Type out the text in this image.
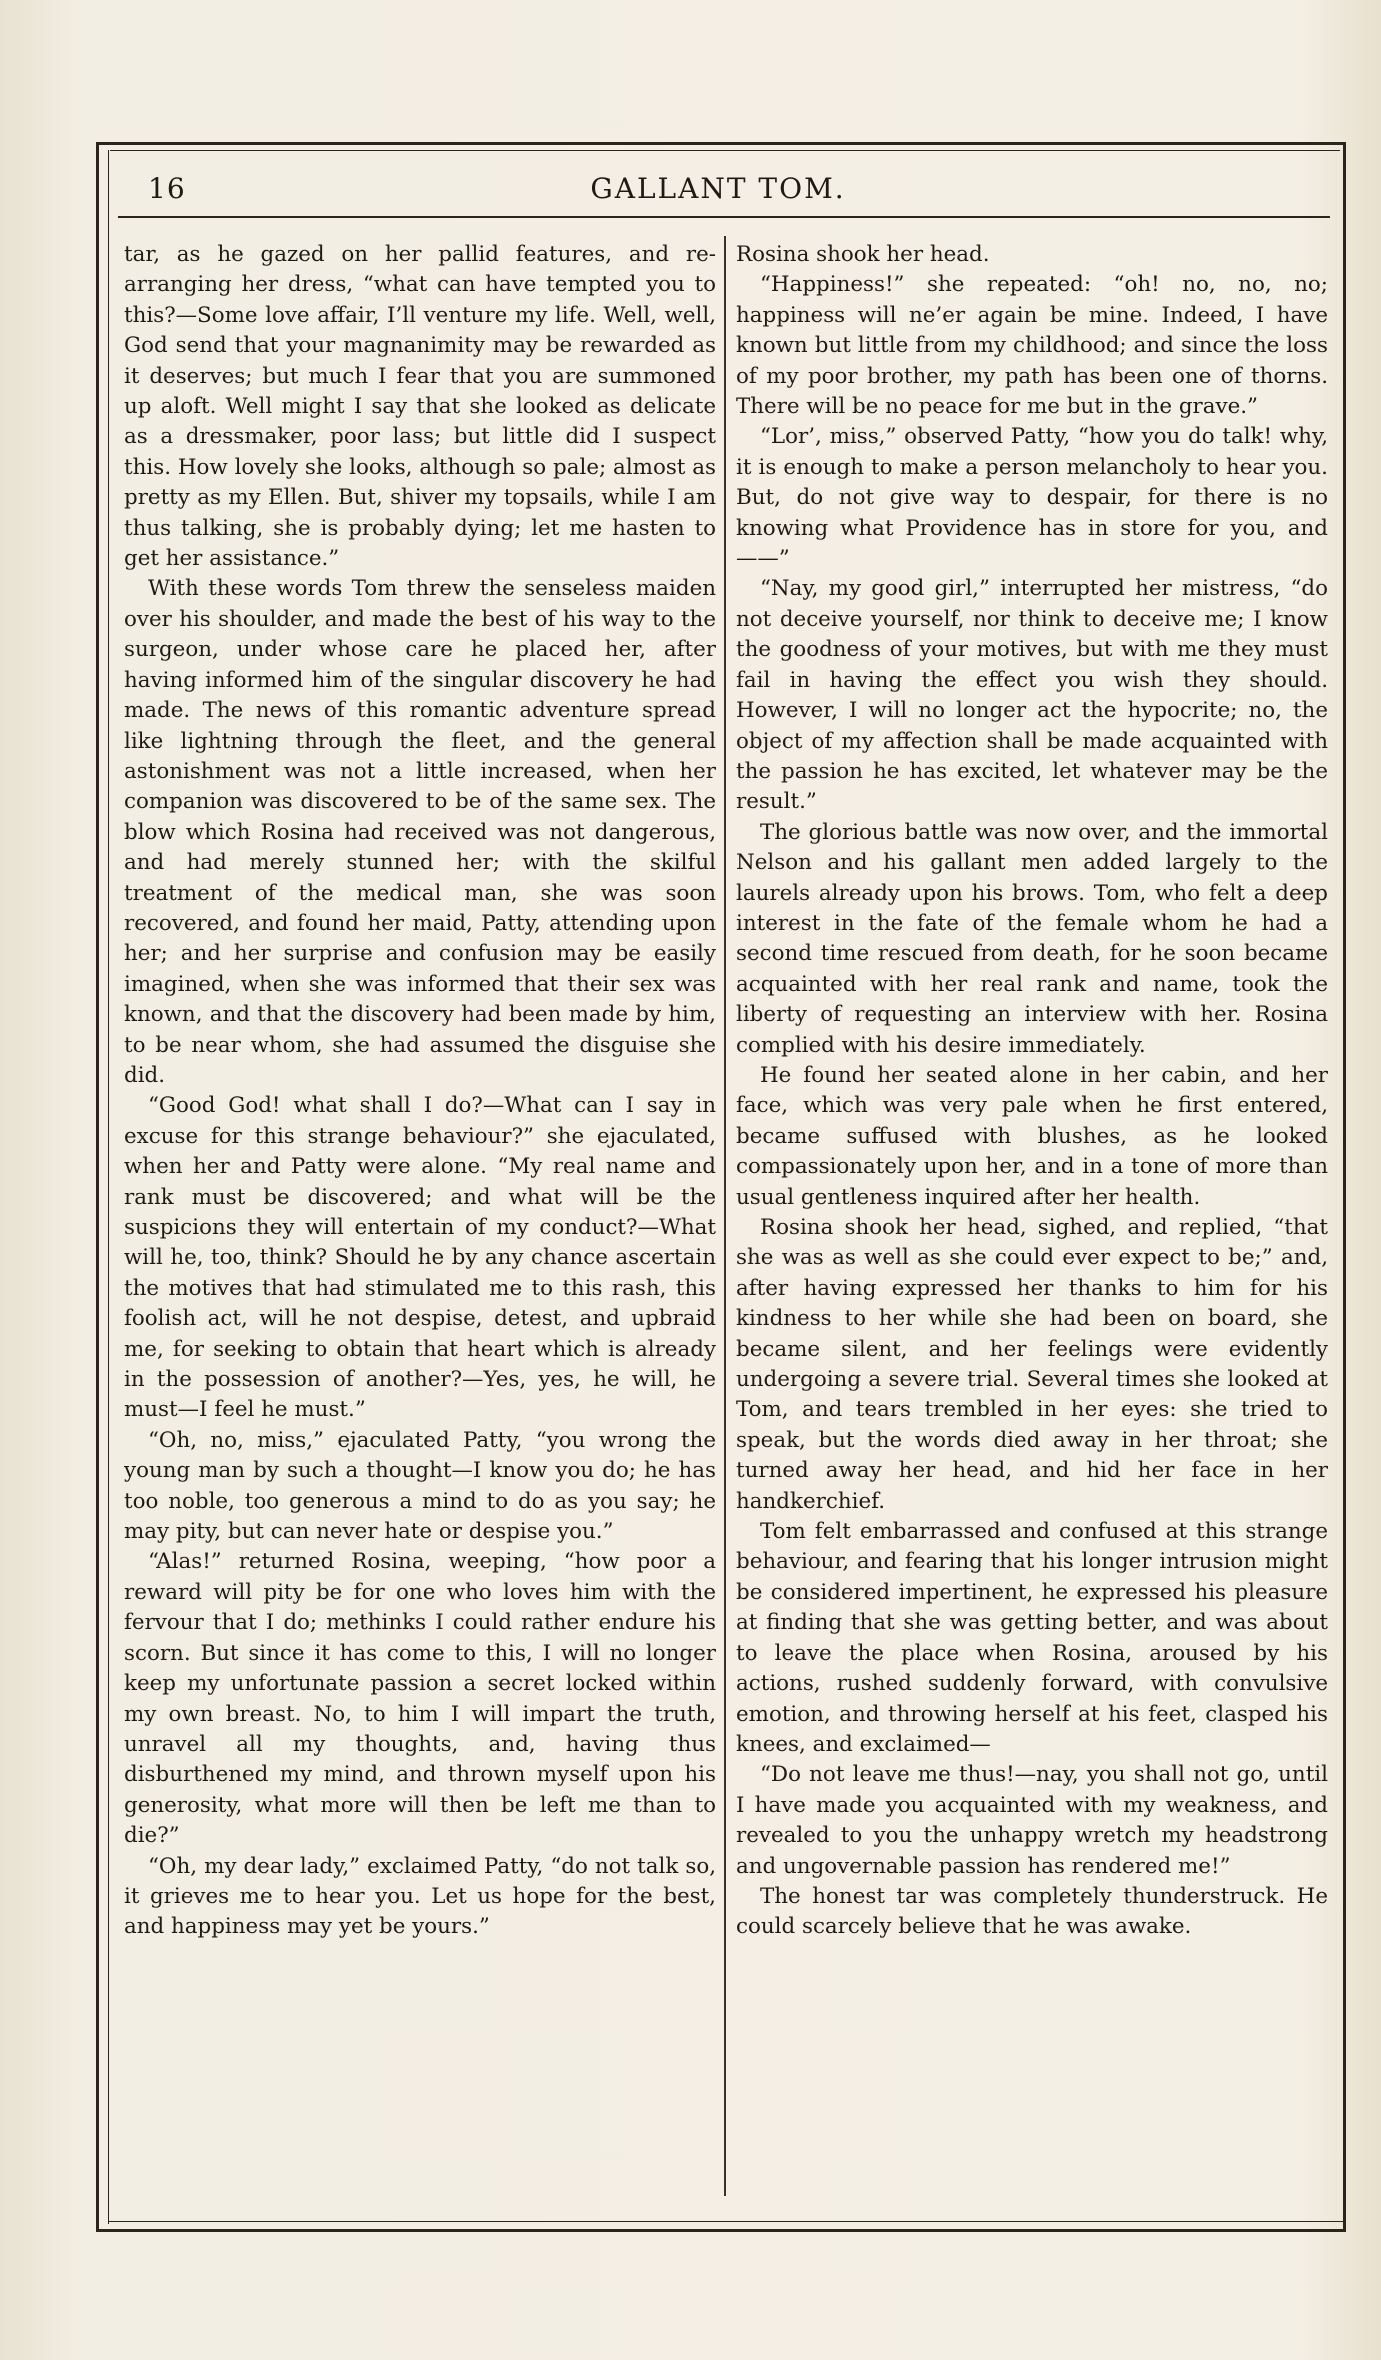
16	GALLANT TOM.

tar, as he gazed on her pallid features, and re-arranging her dress, “what can have tempted you to this?—Some love affair, I’ll venture my life. Well, well, God send that your magnanimity may be rewarded as it deserves; but much I fear that you are summoned up aloft. Well might I say that she looked as delicate as a dressmaker, poor lass; but little did I suspect this. How lovely she looks, although so pale; almost as pretty as my Ellen. But, shiver my topsails, while I am thus talking, she is probably dying; let me hasten to get her assistance.”

With these words Tom threw the senseless maiden over his shoulder, and made the best of his way to the surgeon, under whose care he placed her, after having informed him of the singular discovery he had made. The news of this romantic adventure spread like lightning through the fleet, and the general astonishment was not a little increased, when her companion was discovered to be of the same sex. The blow which Rosina had received was not dangerous, and had merely stunned her; with the skilful treatment of the medical man, she was soon recovered, and found her maid, Patty, attending upon her; and her surprise and confusion may be easily imagined, when she was informed that their sex was known, and that the discovery had been made by him, to be near whom, she had assumed the disguise she did.

“Good God! what shall I do?—What can I say in excuse for this strange behaviour?” she ejaculated, when her and Patty were alone. “My real name and rank must be discovered; and what will be the suspicions they will entertain of my conduct?—What will he, too, think? Should he by any chance ascertain the motives that had stimulated me to this rash, this foolish act, will he not despise, detest, and upbraid me, for seeking to obtain that heart which is already in the possession of another?—Yes, yes, he will, he must—I feel he must.”

“Oh, no, miss,” ejaculated Patty, “you wrong the young man by such a thought—I know you do; he has too noble, too generous a mind to do as you say; he may pity, but can never hate or despise you.”

“Alas!” returned Rosina, weeping, “how poor a reward will pity be for one who loves him with the fervour that I do; methinks I could rather endure his scorn. But since it has come to this, I will no longer keep my unfortunate passion a secret locked within my own breast. No, to him I will impart the truth, unravel all my thoughts, and, having thus disburthened my mind, and thrown myself upon his generosity, what more will then be left me than to die?”

“Oh, my dear lady,” exclaimed Patty, “do not talk so, it grieves me to hear you. Let us hope for the best, and happiness may yet be yours.”

Rosina shook her head.

“Happiness!” she repeated: “oh! no, no, no; happiness will ne’er again be mine. Indeed, I have known but little from my childhood; and since the loss of my poor brother, my path has been one of thorns. There will be no peace for me but in the grave.”

“Lor’, miss,” observed Patty, “how you do talk! why, it is enough to make a person melancholy to hear you. But, do not give way to despair, for there is no knowing what Providence has in store for you, and——”

“Nay, my good girl,” interrupted her mistress, “do not deceive yourself, nor think to deceive me; I know the goodness of your motives, but with me they must fail in having the effect you wish they should. However, I will no longer act the hypocrite; no, the object of my affection shall be made acquainted with the passion he has excited, let whatever may be the result.”

The glorious battle was now over, and the immortal Nelson and his gallant men added largely to the laurels already upon his brows. Tom, who felt a deep interest in the fate of the female whom he had a second time rescued from death, for he soon became acquainted with her real rank and name, took the liberty of requesting an interview with her. Rosina complied with his desire immediately.

He found her seated alone in her cabin, and her face, which was very pale when he first entered, became suffused with blushes, as he looked compassionately upon her, and in a tone of more than usual gentleness inquired after her health.

Rosina shook her head, sighed, and replied, “that she was as well as she could ever expect to be;” and, after having expressed her thanks to him for his kindness to her while she had been on board, she became silent, and her feelings were evidently undergoing a severe trial. Several times she looked at Tom, and tears trembled in her eyes: she tried to speak, but the words died away in her throat; she turned away her head, and hid her face in her handkerchief.

Tom felt embarrassed and confused at this strange behaviour, and fearing that his longer intrusion might be considered impertinent, he expressed his pleasure at finding that she was getting better, and was about to leave the place when Rosina, aroused by his actions, rushed suddenly forward, with convulsive emotion, and throwing herself at his feet, clasped his knees, and exclaimed—

“Do not leave me thus!—nay, you shall not go, until I have made you acquainted with my weakness, and revealed to you the unhappy wretch my headstrong and ungovernable passion has rendered me!”

The honest tar was completely thunderstruck. He could scarcely believe that he was awake.
